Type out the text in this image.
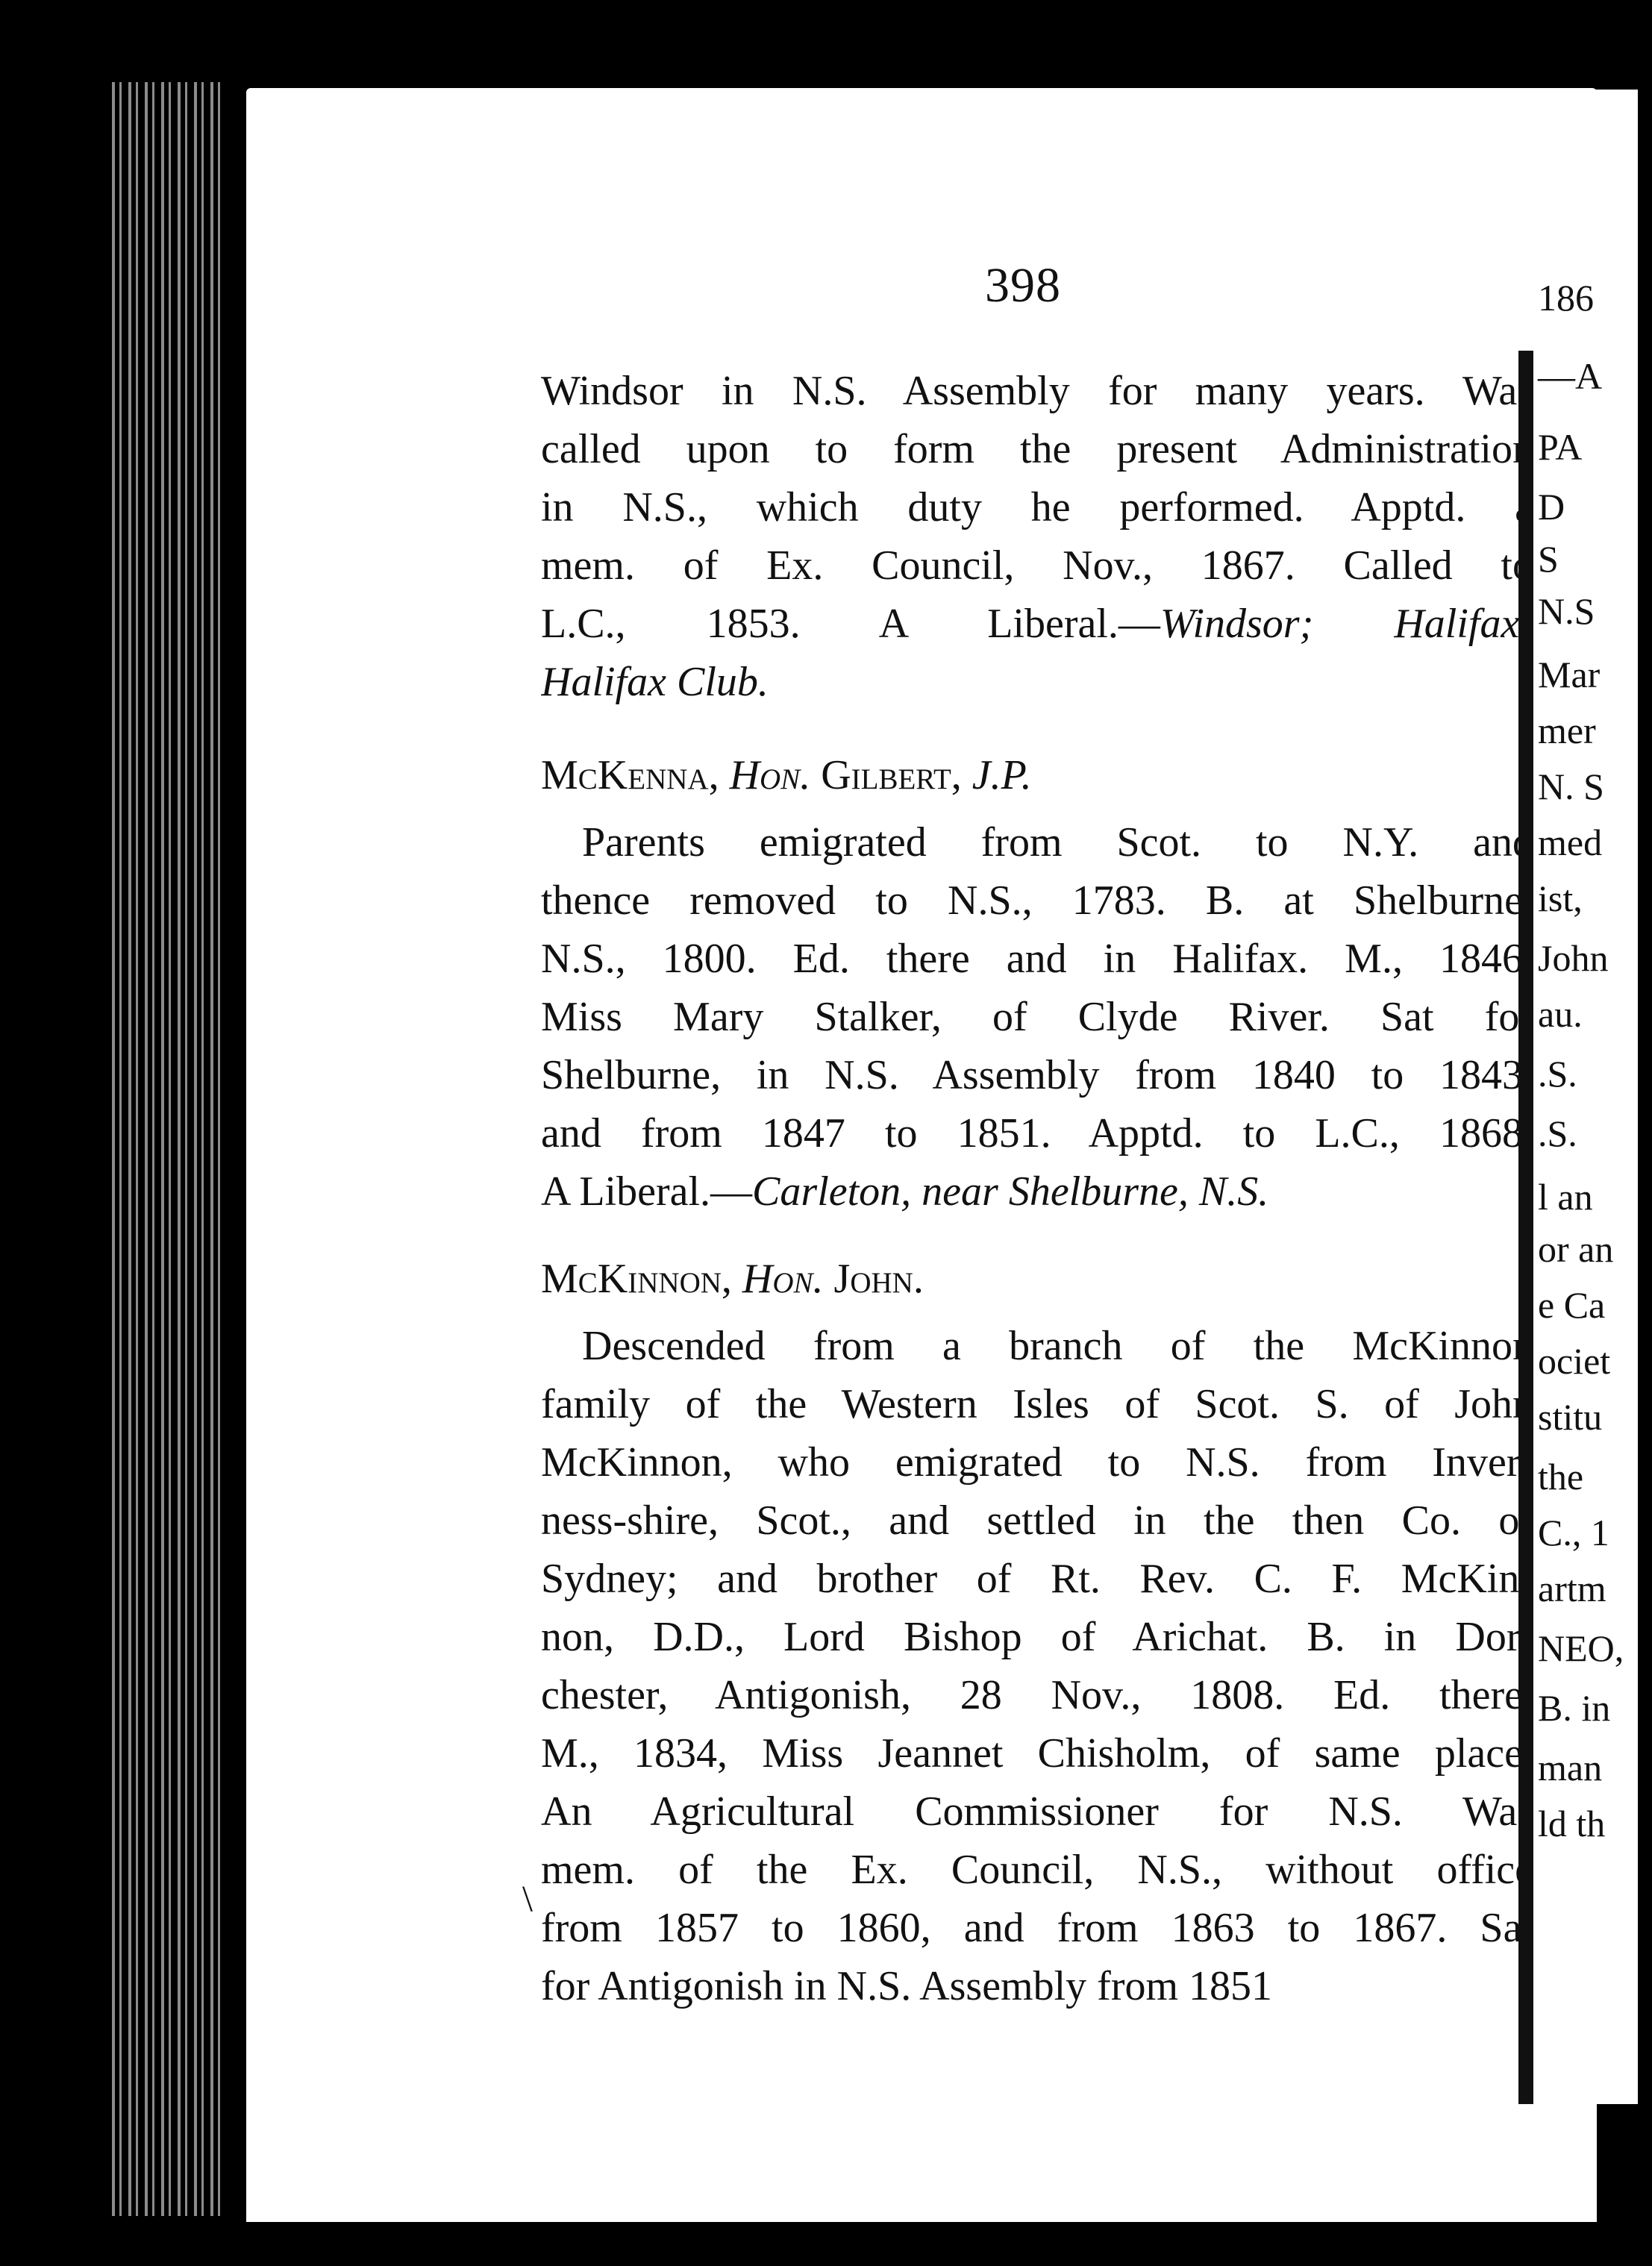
186
—A
PA
D
S
N.S
Mar
mer
N. S
med
ist,
John
au.
.S.
.S.
l an
or an
e Ca
ociet
stitu
the
C., 1
artm
NEO,
B. in
man
ld th
398
Windsor in N.S. Assembly for many years. Was
called upon to form the present Administration
in N.S., which duty he performed. Apptd. a
mem. of Ex. Council, Nov., 1867. Called to
L.C., 1853. A Liberal.—Windsor; Halifax;
Halifax Club.
McKenna, Hon. Gilbert, J.P.
Parents emigrated from Scot. to N.Y. and
thence removed to N.S., 1783. B. at Shelburne,
N.S., 1800. Ed. there and in Halifax. M., 1846,
Miss Mary Stalker, of Clyde River. Sat for
Shelburne, in N.S. Assembly from 1840 to 1843,
and from 1847 to 1851. Apptd. to L.C., 1868.
A Liberal.—Carleton, near Shelburne, N.S.
McKinnon, Hon. John.
Descended from a branch of the McKinnon
family of the Western Isles of Scot. S. of John
McKinnon, who emigrated to N.S. from Inver-
ness-shire, Scot., and settled in the then Co. of
Sydney; and brother of Rt. Rev. C. F. McKin-
non, D.D., Lord Bishop of Arichat. B. in Dor-
chester, Antigonish, 28 Nov., 1808. Ed. there.
M., 1834, Miss Jeannet Chisholm, of same place.
An Agricultural Commissioner for N.S. Was
mem. of the Ex. Council, N.S., without office
from 1857 to 1860, and from 1863 to 1867. Sat
for Antigonish in N.S. Assembly from 1851
\
